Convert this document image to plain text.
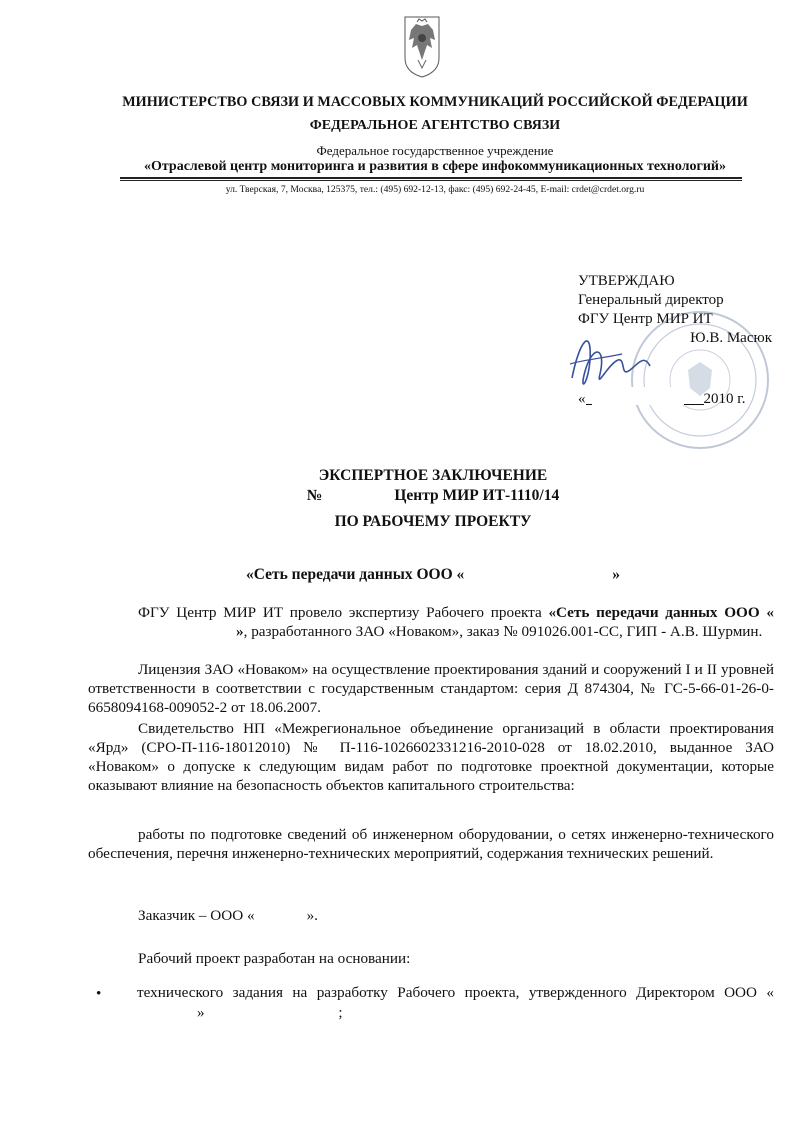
МИНИСТЕРСТВО СВЯЗИ И МАССОВЫХ КОММУНИКАЦИЙ РОССИЙСКОЙ ФЕДЕРАЦИИ
ФЕДЕРАЛЬНОЕ АГЕНТСТВО СВЯЗИ
Федеральное государственное учреждение
«Отраслевой центр мониторинга и развития в сфере инфокоммуникационных технологий»
ул. Тверская, 7, Москва, 125375, тел.: (495) 692-12-13, факс: (495) 692-24-45, E-mail: crdet@crdet.org.ru
УТВЕРЖДАЮ
Генеральный директор
ФГУ Центр МИР ИТ
Ю.В. Масюк
«	2010 г.
ЭКСПЕРТНОЕ ЗАКЛЮЧЕНИЕ
№	Центр МИР ИТ-1110/14
ПО РАБОЧЕМУ ПРОЕКТУ
«Сеть передачи данных ООО «	»
ФГУ Центр МИР ИТ провело экспертизу Рабочего проекта «Сеть передачи данных ООО «», разработанного ЗАО «Новаком», заказ № 091026.001-СС, ГИП - А.В. Шурмин.
Лицензия ЗАО «Новаком» на осуществление проектирования зданий и сооружений I и II уровней ответственности в соответствии с государственным стандартом: серия Д 874304, № ГС-5-66-01-26-0-6658094168-009052-2 от 18.06.2007.
Свидетельство НП «Межрегиональное объединение организаций в области проектирования «Ярд» (СРО-П-116-18012010) № П-116-1026602331216-2010-028 от 18.02.2010, выданное ЗАО «Новаком» о допуске к следующим видам работ по подготовке проектной документации, которые оказывают влияние на безопасность объектов капитального строительства:
работы по подготовке сведений об инженерном оборудовании, о сетях инженерно-технического обеспечения, перечня инженерно-технических мероприятий, содержания технических решений.
Заказчик – ООО «	».
Рабочий проект разработан на основании:
• технического задания на разработку Рабочего проекта, утвержденного Директором ООО «»	;
